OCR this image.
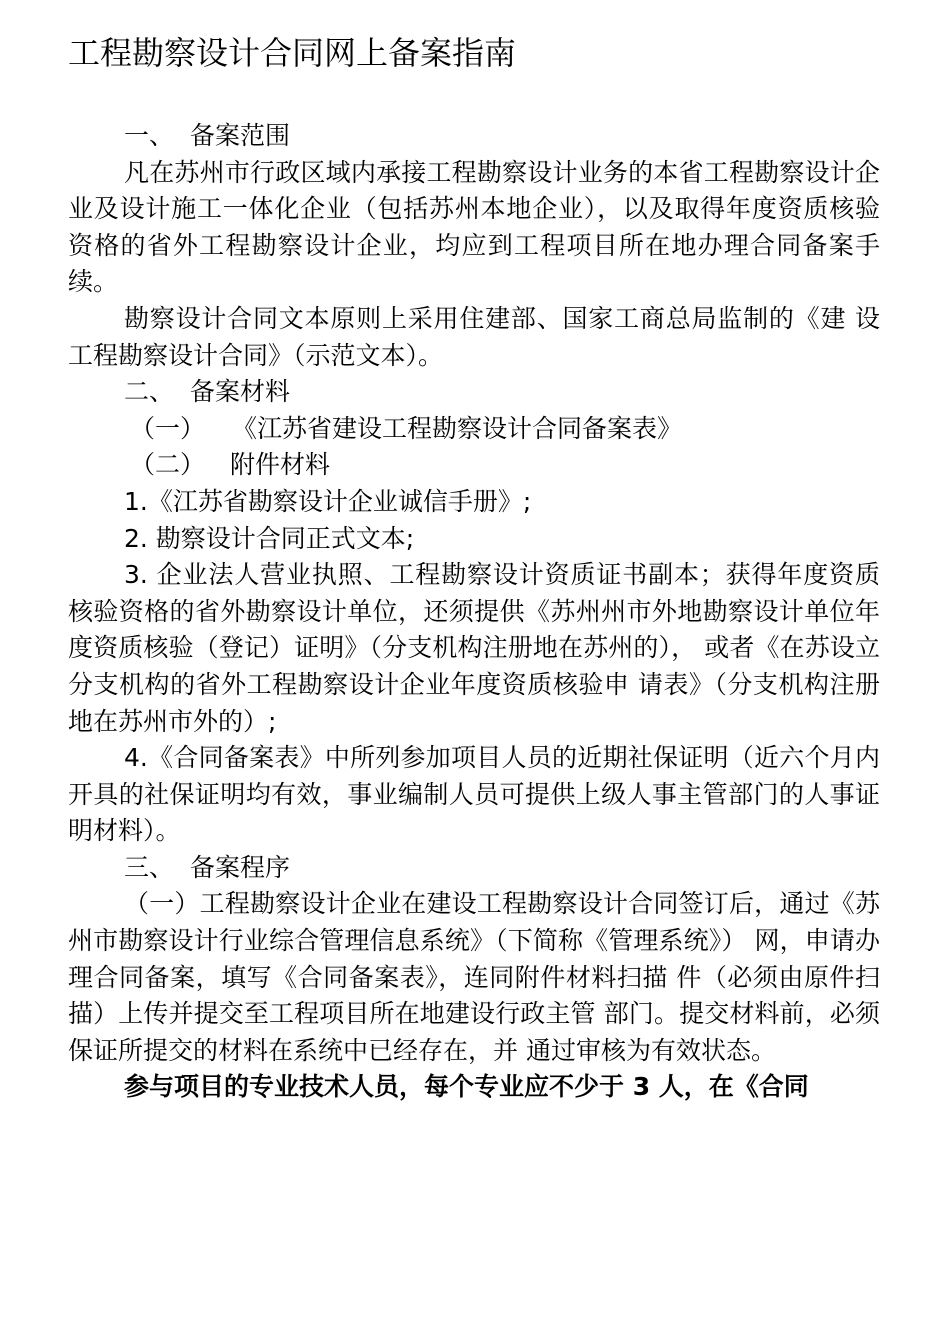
工程勘察设计合同网上备案指南
一、 备案范围

凡在苏州市行政区域内承接工程勘察设计业务的本省工程勘察设计企业及设计施工一体化企业（包括苏州本地企业），以及取得年度资质核验资格的省外工程勘察设计企业，均应到工程项目所在地办理合同备案手续。

勘察设计合同文本原则上采用住建部、国家工商总局监制的《建 设工程勘察设计合同》（示范文本）。

二、 备案材料
（一） 《江苏省建设工程勘察设计合同备案表》
（二） 附件材料

1.《江苏省勘察设计企业诚信手册》;

2. 勘察设计合同正式文本;

3. 企业法人营业执照、工程勘察设计资质证书副本；获得年度资质核验资格的省外勘察设计单位，还须提供《苏州州市外地勘察设计单位年度资质核验（登记）证明》（分支机构注册地在苏州的）， 或者《在苏设立分支机构的省外工程勘察设计企业年度资质核验申 请表》（分支机构注册地在苏州市外的）;

4.《合同备案表》中所列参加项目人员的近期社保证明（近六个月内开具的社保证明均有效，事业编制人员可提供上级人事主管部门的人事证明材料）。

三、 备案程序

（一）工程勘察设计企业在建设工程勘察设计合同签订后，通过《苏州市勘察设计行业综合管理信息系统》（下简称《管理系统》） 网，申请办理合同备案，填写《合同备案表》，连同附件材料扫描 件（必须由原件扫描）上传并提交至工程项目所在地建设行政主管 部门。提交材料前，必须保证所提交的材料在系统中已经存在，并 通过审核为有效状态。

参与项目的专业技术人员，每个专业应不少于 3 人，在《合同
